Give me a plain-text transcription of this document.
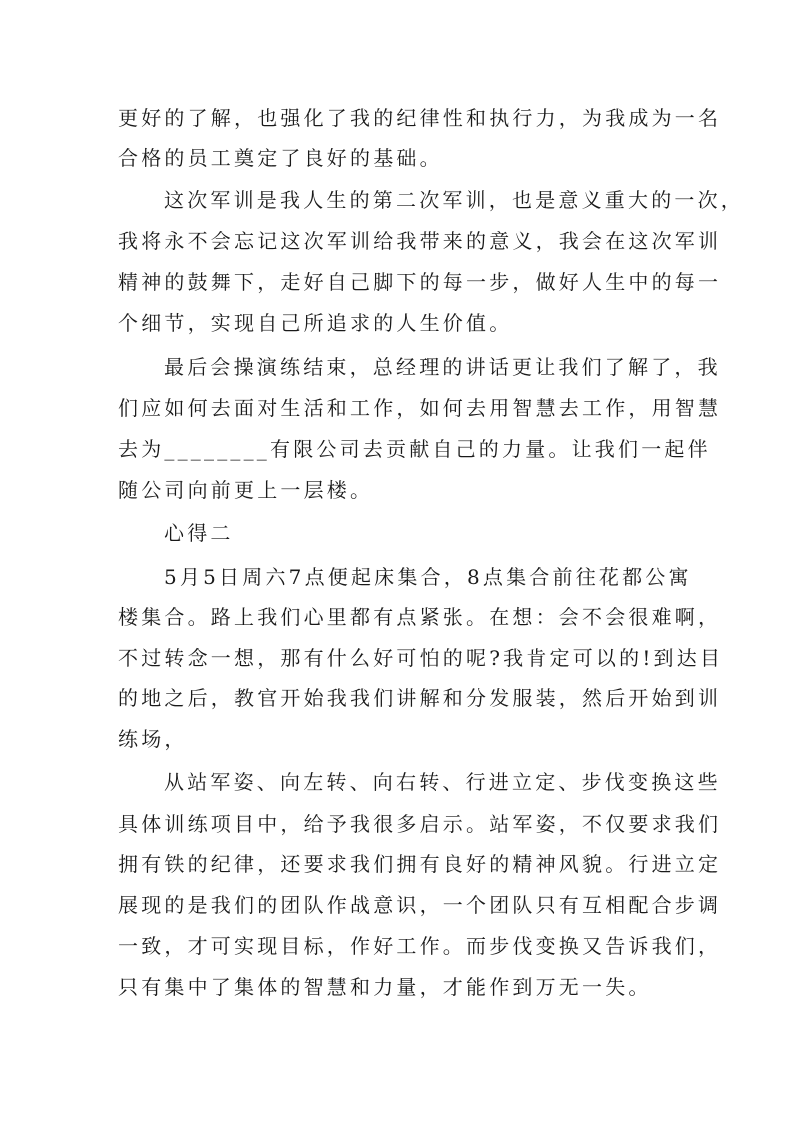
更好的了解，也强化了我的纪律性和执行力，为我成为一名
合格的员工奠定了良好的基础。
这次军训是我人生的第二次军训，也是意义重大的一次，
我将永不会忘记这次军训给我带来的意义，我会在这次军训
精神的鼓舞下，走好自己脚下的每一步，做好人生中的每一
个细节，实现自己所追求的人生价值。
最后会操演练结束，总经理的讲话更让我们了解了，我
们应如何去面对生活和工作，如何去用智慧去工作，用智慧
去为________有限公司去贡献自己的力量。让我们一起伴
随公司向前更上一层楼。
心得二
5月5日周六7点便起床集合，8点集合前往花都公寓
楼集合。路上我们心里都有点紧张。在想：会不会很难啊，
不过转念一想，那有什么好可怕的呢?我肯定可以的!到达目
的地之后，教官开始我我们讲解和分发服装，然后开始到训
练场，
从站军姿、向左转、向右转、行进立定、步伐变换这些
具体训练项目中，给予我很多启示。站军姿，不仅要求我们
拥有铁的纪律，还要求我们拥有良好的精神风貌。行进立定
展现的是我们的团队作战意识，一个团队只有互相配合步调
一致，才可实现目标，作好工作。而步伐变换又告诉我们，
只有集中了集体的智慧和力量，才能作到万无一失。
